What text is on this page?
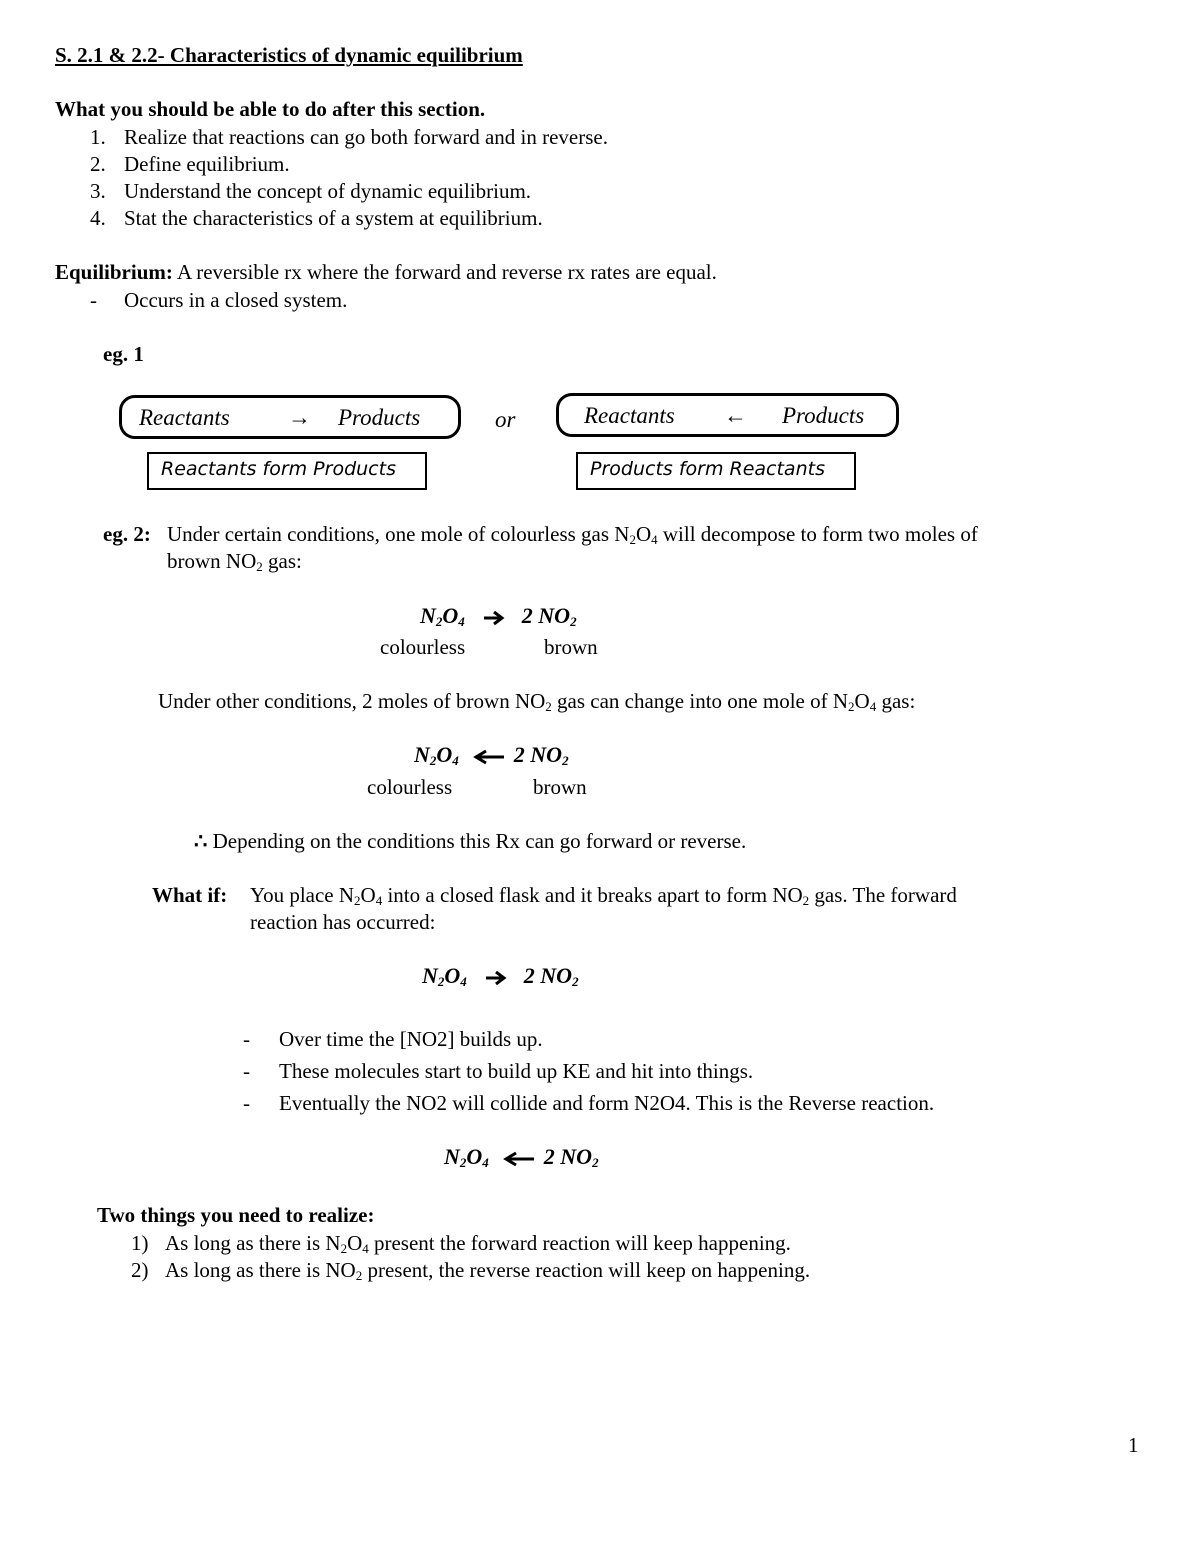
S. 2.1 & 2.2- Characteristics of dynamic equilibrium
What you should be able to do after this section.
1. Realize that reactions can go both forward and in reverse.
2. Define equilibrium.
3. Understand the concept of dynamic equilibrium.
4. Stat the characteristics of a system at equilibrium.
Equilibrium: A reversible rx where the forward and reverse rx rates are equal.
- Occurs in a closed system.
eg. 1
Reactants	→ Products	or	Reactants ← Products
Reactants form Products	Products form Reactants
eg. 2: Under certain conditions, one mole of colourless gas $N_2O_4$ will decompose to form two moles of
brown $NO_2$ gas:
$N_2O_4$	2 $NO_2$
colourless	brown
Under other conditions, 2 moles of brown $NO_2$ gas can change into one mole of $N_2O_4$ gas:
$N_2O_4$	2 $NO_2$
colourless	brown
∴ Depending on the conditions this Rx can go forward or reverse.
What if: You place $N_2O_4$ into a closed flask and it breaks apart to form $NO_2$ gas. The forward
reaction has occurred:
$N_2O_4$	2 $NO_2$
- Over time the [NO2] builds up.
- These molecules start to build up KE and hit into things.
- Eventually the NO2 will collide and form N2O4. This is the Reverse reaction.
$N_2O_4$	2 $NO_2$
Two things you need to realize:
1) As long as there is $N_2O_4$ present the forward reaction will keep happening.
2) As long as there is $NO_2$ present, the reverse reaction will keep on happening.
1
